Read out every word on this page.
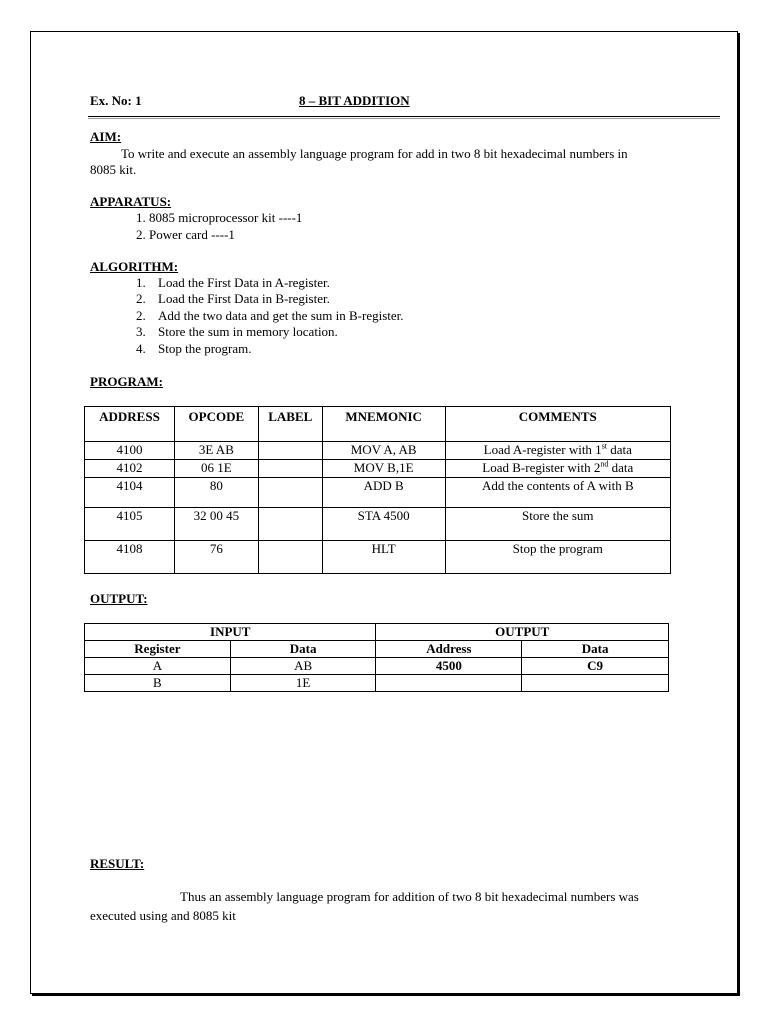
Ex. No: 1	8 – BIT ADDITION
AIM:
To write and execute an assembly language program for add in two 8 bit hexadecimal numbers in
8085 kit.
APPARATUS:
1. 8085 microprocessor kit ----1
2. Power card ----1
ALGORITHM:
1. Load the First Data in A-register.
2. Load the First Data in B-register.
2. Add the two data and get the sum in B-register.
3. Store the sum in memory location.
4. Stop the program.
PROGRAM:
ADDRESS	OPCODE	LABEL	MNEMONIC	COMMENTS
4100	3E AB		MOV A, AB	Load A-register with 1st data
4102	06 1E		MOV B,1E	Load B-register with 2nd data
4104	80		ADD B	Add the contents of A with B
4105	32 00 45		STA 4500	Store the sum
4108	76		HLT	Stop the program
OUTPUT:
INPUT		OUTPUT	
Register	Data	Address	Data
A	AB	4500	C9
B	1E		
RESULT:
Thus an assembly language program for addition of two 8 bit hexadecimal numbers was
executed using and 8085 kit
